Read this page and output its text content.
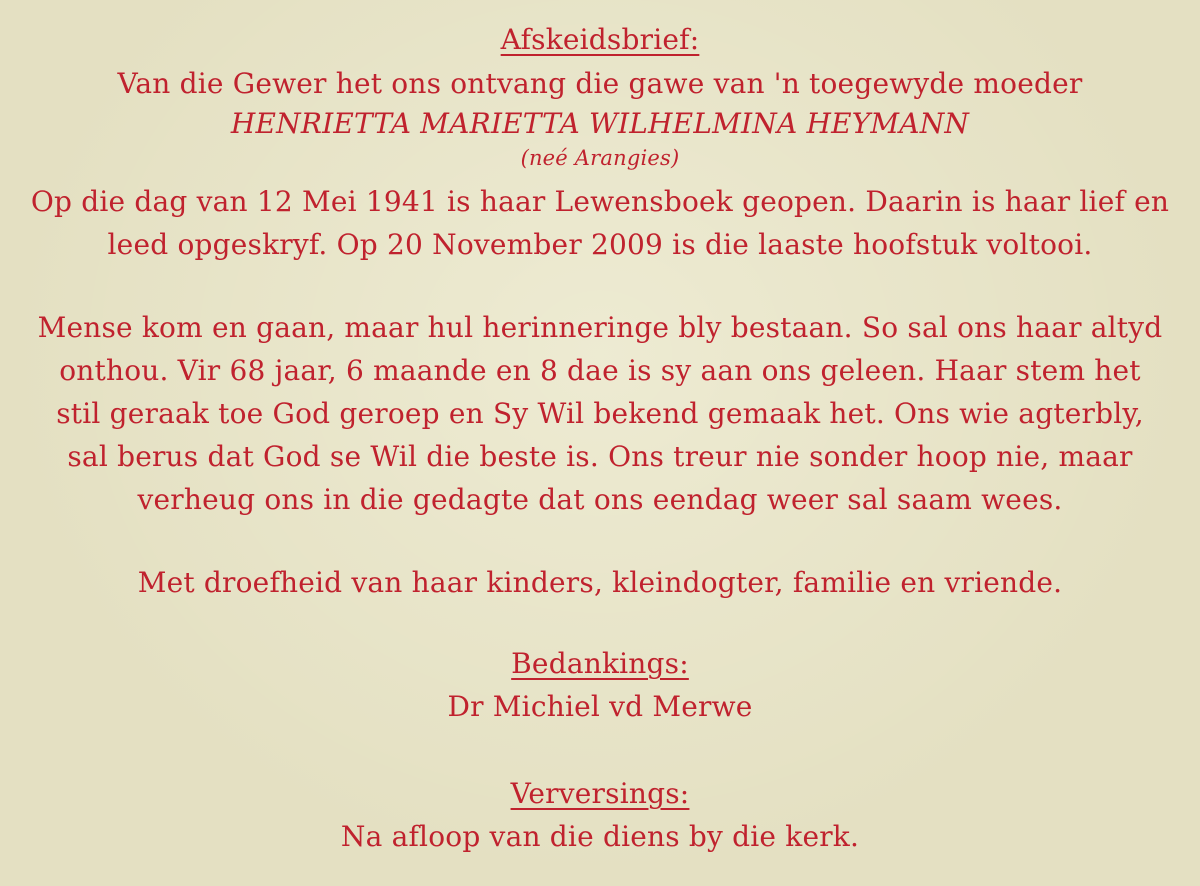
Afskeidsbrief:
Van die Gewer het ons ontvang die gawe van 'n toegewyde moeder
HENRIETTA MARIETTA WILHELMINA HEYMANN
(neé Arangies)
Op die dag van 12 Mei 1941 is haar Lewensboek geopen. Daarin is haar lief en
leed opgeskryf. Op 20 November 2009 is die laaste hoofstuk voltooi.
Mense kom en gaan, maar hul herinneringe bly bestaan. So sal ons haar altyd
onthou. Vir 68 jaar, 6 maande en 8 dae is sy aan ons geleen. Haar stem het
stil geraak toe God geroep en Sy Wil bekend gemaak het. Ons wie agterbly,
sal berus dat God se Wil die beste is. Ons treur nie sonder hoop nie, maar
verheug ons in die gedagte dat ons eendag weer sal saam wees.
Met droefheid van haar kinders, kleindogter, familie en vriende.
Bedankings:
Dr Michiel vd Merwe
Verversings:
Na afloop van die diens by die kerk.
